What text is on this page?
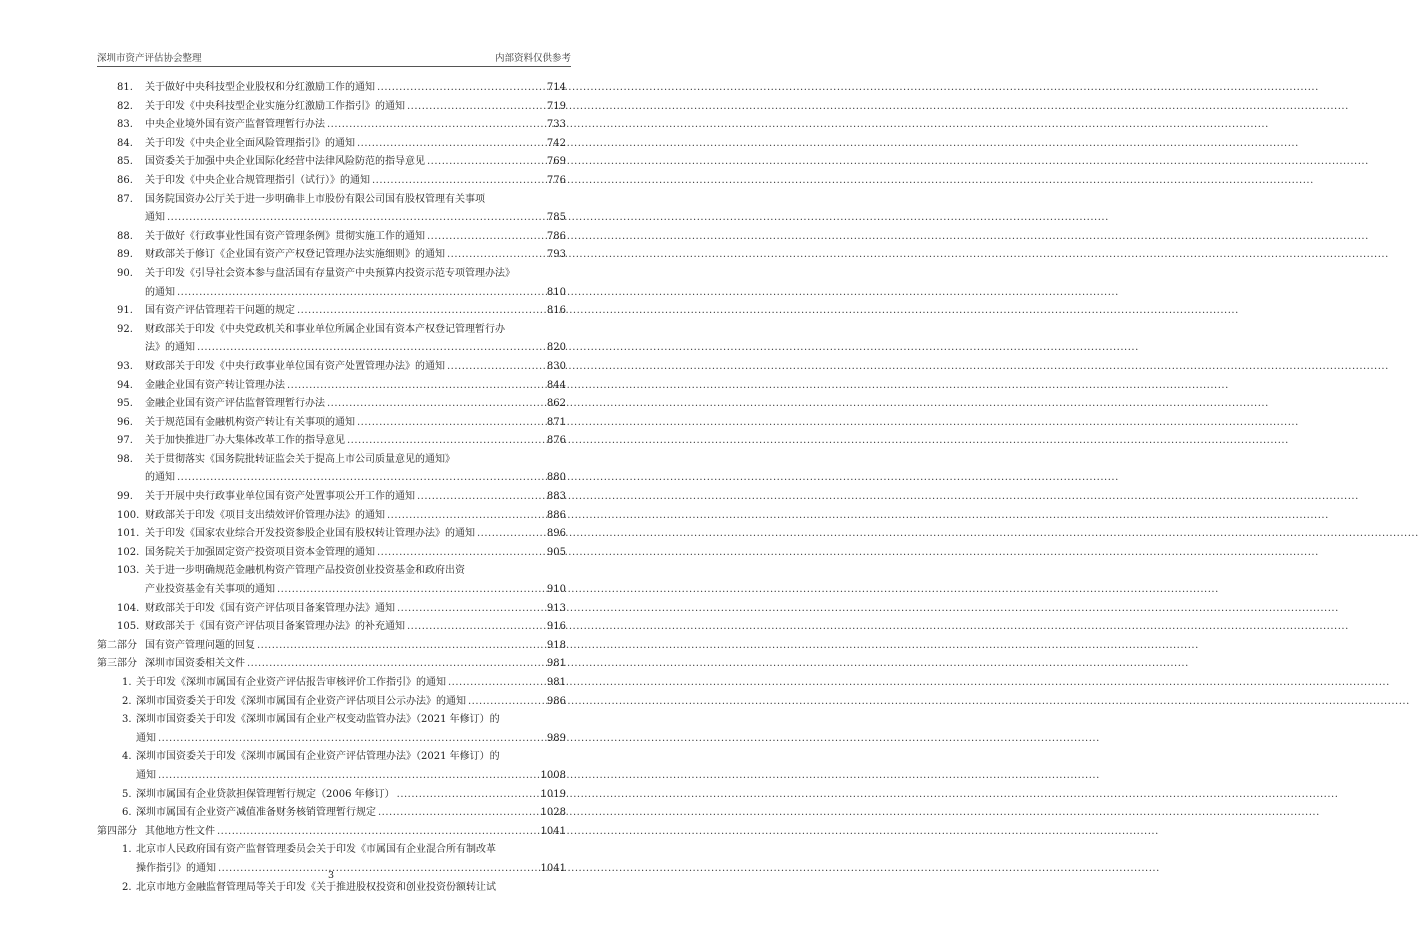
深圳市资产评估协会整理	内部资料仅供参考
81.	关于做好中央科技型企业股权和分红激励工作的通知 .....	714
82.	关于印发《中央科技型企业实施分红激励工作指引》的通知 .....	719
83.	中央企业境外国有资产监督管理暂行办法 .....	733
84.	关于印发《中央企业全面风险管理指引》的通知 .....	742
85.	国资委关于加强中央企业国际化经营中法律风险防范的指导意见 .....	769
86.	关于印发《中央企业合规管理指引（试行）》的通知 .....	776
87.	国务院国资办公厅关于进一步明确非上市股份有限公司国有股权管理有关事项
通知 .....	785
88.	关于做好《行政事业性国有资产管理条例》贯彻实施工作的通知 .....	786
89.	财政部关于修订《企业国有资产产权登记管理办法实施细则》的通知 .....	793
90.	关于印发《引导社会资本参与盘活国有存量资产中央预算内投资示范专项管理办法》
的通知 .....	810
91.	国有资产评估管理若干问题的规定 .....	816
92.	财政部关于印发《中央党政机关和事业单位所属企业国有资本产权登记管理暂行办
法》的通知 .....	820
93.	财政部关于印发《中央行政事业单位国有资产处置管理办法》的通知 .....	830
94.	金融企业国有资产转让管理办法 .....	844
95.	金融企业国有资产评估监督管理暂行办法 .....	862
96.	关于规范国有金融机构资产转让有关事项的通知 .....	871
97.	关于加快推进厂办大集体改革工作的指导意见 .....	876
98.	关于贯彻落实《国务院批转证监会关于提高上市公司质量意见的通知》
的通知 .....	880
99.	关于开展中央行政事业单位国有资产处置事项公开工作的通知 .....	883
100. 财政部关于印发《项目支出绩效评价管理办法》的通知 .....	886
101. 关于印发《国家农业综合开发投资参股企业国有股权转让管理办法》的通知 .....	896
102. 国务院关于加强固定资产投资项目资本金管理的通知 .....	905
103. 关于进一步明确规范金融机构资产管理产品投资创业投资基金和政府出资
产业投资基金有关事项的通知 .....	910
104. 财政部关于印发《国有资产评估项目备案管理办法》通知 .....	913
105. 财政部关于《国有资产评估项目备案管理办法》的补充通知 .....	916
第二部分 国有资产管理问题的回复 .....	918
第三部分 深圳市国资委相关文件 .....	981
1. 关于印发《深圳市属国有企业资产评估报告审核评价工作指引》的通知 .....	981
2. 深圳市国资委关于印发《深圳市属国有企业资产评估项目公示办法》的通知 .....	986
3. 深圳市国资委关于印发《深圳市属国有企业产权变动监管办法》（2021 年修订）的
通知 .....	989
4. 深圳市国资委关于印发《深圳市属国有企业资产评估管理办法》（2021 年修订）的
通知 .....	1008
5. 深圳市属国有企业贷款担保管理暂行规定（2006 年修订） .....	1019
6. 深圳市属国有企业资产减值准备财务核销管理暂行规定 .....	1028
第四部分 其他地方性文件 .....	1041
1. 北京市人民政府国有资产监督管理委员会关于印发《市属国有企业混合所有制改革
操作指引》的通知 .....	1041
2. 北京市地方金融监督管理局等关于印发《关于推进股权投资和创业投资份额转让试
3
